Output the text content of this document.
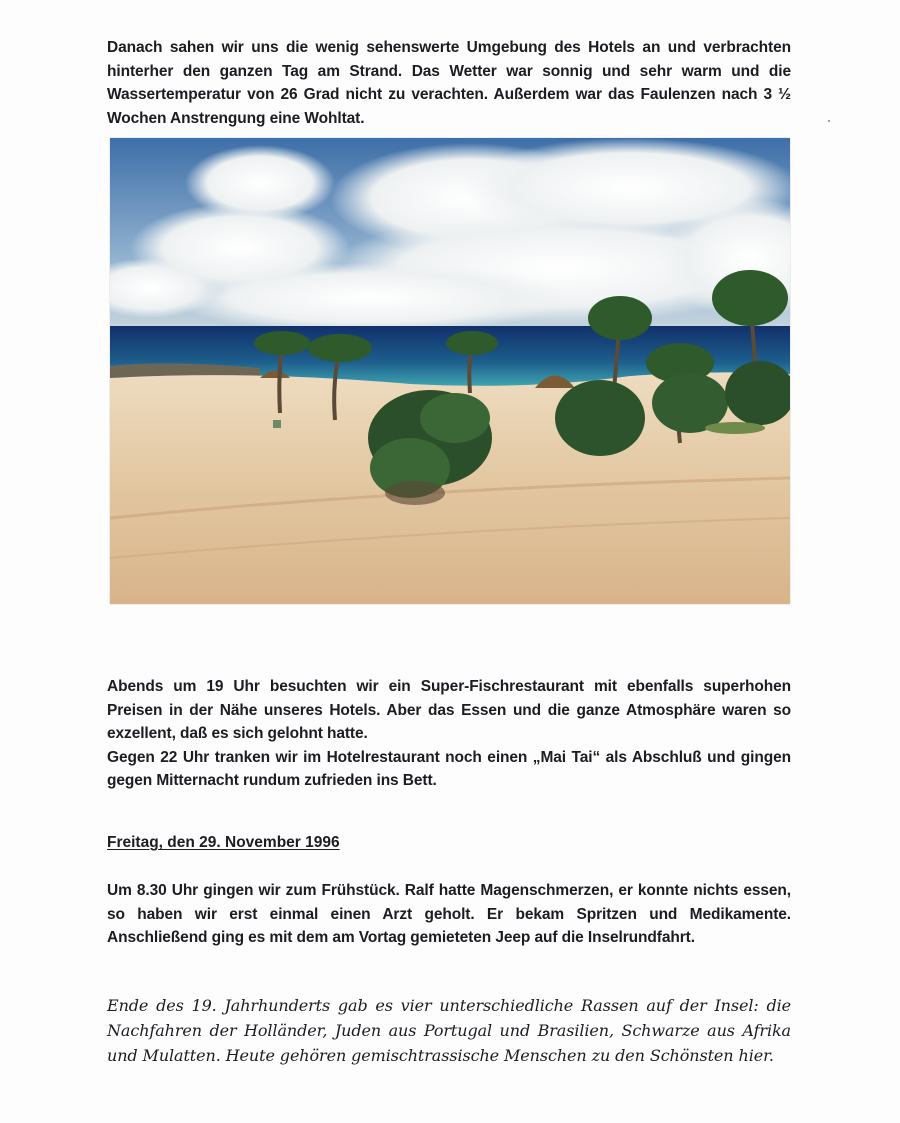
Danach sahen wir uns die wenig sehenswerte Umgebung des Hotels an und verbrachten hinterher den ganzen Tag am Strand. Das Wetter war sonnig und sehr warm und die Wassertemperatur von 26 Grad nicht zu verachten. Außerdem war das Faulenzen nach 3 ½ Wochen Anstrengung eine Wohltat.

Abends um 19 Uhr besuchten wir ein Super-Fischrestaurant mit ebenfalls superhohen Preisen in der Nähe unseres Hotels. Aber das Essen und die ganze Atmosphäre waren so exzellent, daß es sich gelohnt hatte.

Gegen 22 Uhr tranken wir im Hotelrestaurant noch einen „Mai Tai“ als Abschluß und gingen gegen Mitternacht rundum zufrieden ins Bett.

Freitag, den 29. November 1996

Um 8.30 Uhr gingen wir zum Frühstück. Ralf hatte Magenschmerzen, er konnte nichts essen, so haben wir erst einmal einen Arzt geholt. Er bekam Spritzen und Medikamente. Anschließend ging es mit dem am Vortag gemieteten Jeep auf die Inselrundfahrt.

Ende des 19. Jahrhunderts gab es vier unterschiedliche Rassen auf der Insel: die Nachfahren der Holländer, Juden aus Portugal und Brasilien, Schwarze aus Afrika und Mulatten. Heute gehören gemischtrassische Menschen zu den Schönsten hier.
